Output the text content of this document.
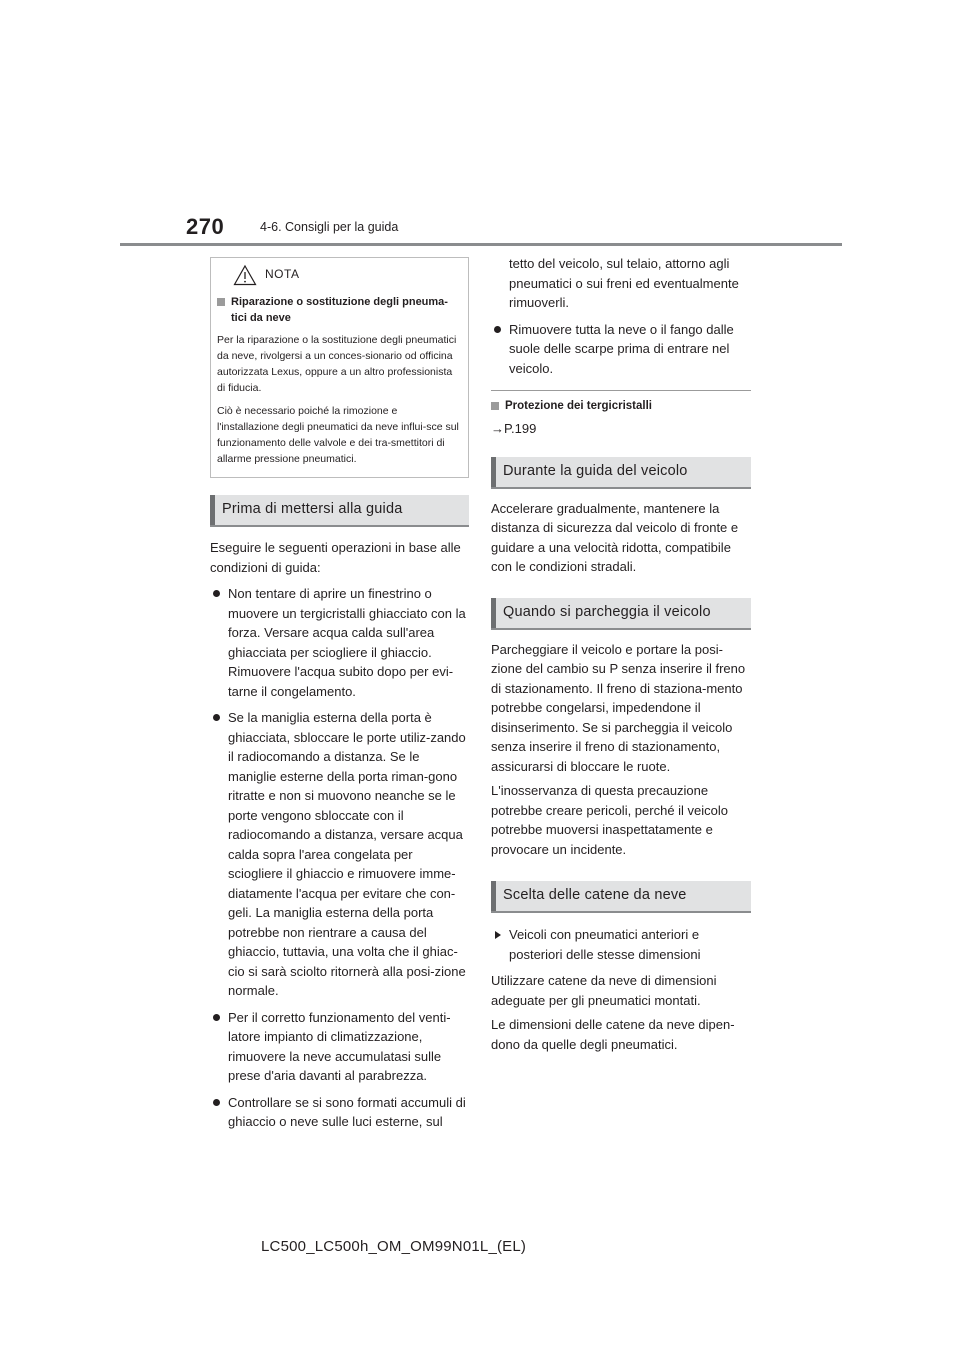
270	4-6. Consigli per la guida
NOTA
Riparazione o sostituzione degli pneuma-tici da neve

Per la riparazione o la sostituzione degli pneumatici da neve, rivolgersi a un conces-sionario od officina autorizzata Lexus, oppure a un altro professionista di fiducia.

Ciò è necessario poiché la rimozione e l'installazione degli pneumatici da neve influi-sce sul funzionamento delle valvole e dei tra-smettitori di allarme pressione pneumatici.

Prima di mettersi alla guida

Eseguire le seguenti operazioni in base alle condizioni di guida:

Non tentare di aprire un finestrino o muovere un tergicristalli ghiacciato con la forza. Versare acqua calda sull'area ghiacciata per sciogliere il ghiaccio. Rimuovere l'acqua subito dopo per evi-tarne il congelamento.
Se la maniglia esterna della porta è ghiacciata, sbloccare le porte utiliz-zando il radiocomando a distanza. Se le maniglie esterne della porta riman-gono ritratte e non si muovono neanche se le porte vengono sbloccate con il radiocomando a distanza, versare acqua calda sopra l'area congelata per sciogliere il ghiaccio e rimuovere imme-diatamente l'acqua per evitare che con-geli. La maniglia esterna della porta potrebbe non rientrare a causa del ghiaccio, tuttavia, una volta che il ghiac-cio si sarà sciolto ritornerà alla posi-zione normale.
Per il corretto funzionamento del venti-latore impianto di climatizzazione, rimuovere la neve accumulatasi sulle prese d'aria davanti al parabrezza.
Controllare se si sono formati accumuli di ghiaccio o neve sulle luci esterne, sul
tetto del veicolo, sul telaio, attorno agli pneumatici o sui freni ed eventualmente rimuoverli.
Rimuovere tutta la neve o il fango dalle suole delle scarpe prima di entrare nel veicolo.
Protezione dei tergicristalli
→P.199
Durante la guida del veicolo

Accelerare gradualmente, mantenere la distanza di sicurezza dal veicolo di fronte e guidare a una velocità ridotta, compatibile con le condizioni stradali.

Quando si parcheggia il veicolo

Parcheggiare il veicolo e portare la posi-zione del cambio su P senza inserire il freno di stazionamento. Il freno di staziona-mento potrebbe congelarsi, impedendone il disinserimento. Se si parcheggia il veicolo senza inserire il freno di stazionamento, assicurarsi di bloccare le ruote.

L'inosservanza di questa precauzione potrebbe creare pericoli, perché il veicolo potrebbe muoversi inaspettatamente e provocare un incidente.

Scelta delle catene da neve
Veicoli con pneumatici anteriori e posteriori delle stesse dimensioni

Utilizzare catene da neve di dimensioni adeguate per gli pneumatici montati.

Le dimensioni delle catene da neve dipen-dono da quelle degli pneumatici.

LC500_LC500h_OM_OM99N01L_(EL)
